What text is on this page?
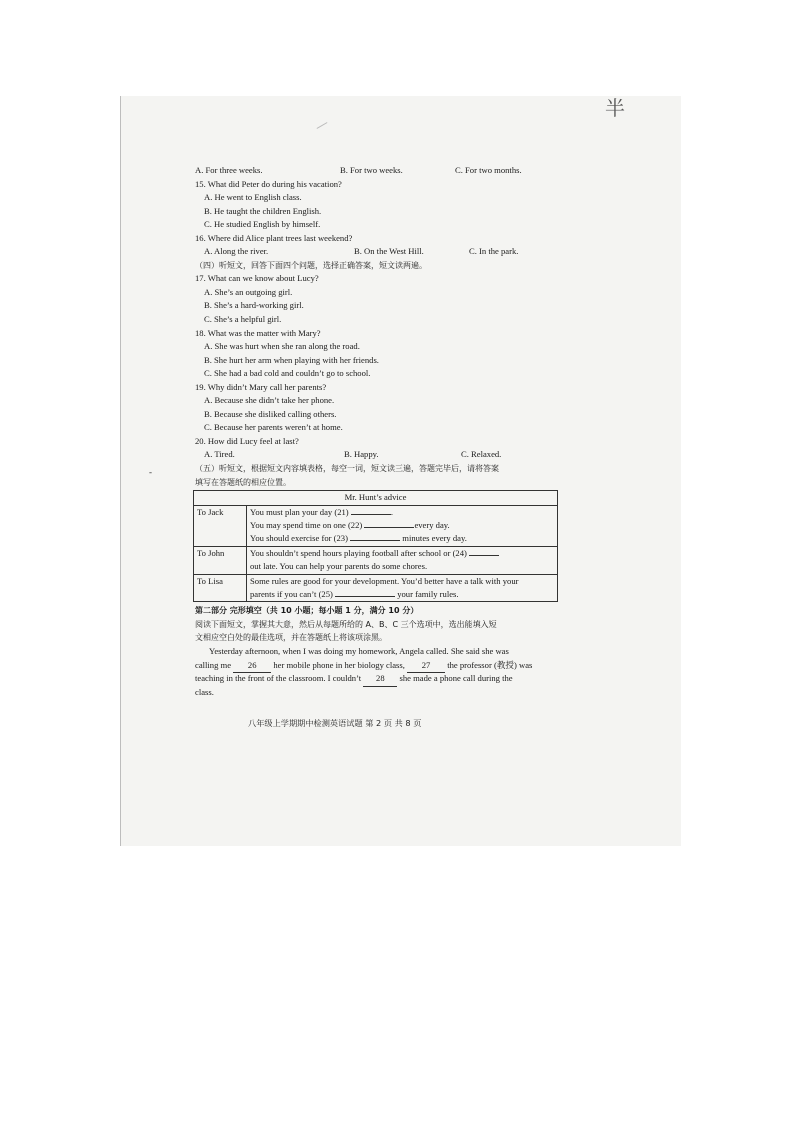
半
‐
A. For three weeks.	B. For two weeks.	C. For two months.
15. What did Peter do during his vacation?
A. He went to English class.
B. He taught the children English.
C. He studied English by himself.
16. Where did Alice plant trees last weekend?
A. Along the river.	B. On the West Hill.	C. In the park.
（四）听短文，回答下面四个问题，选择正确答案，短文读两遍。
17. What can we know about Lucy?
A. She’s an outgoing girl.
B. She’s a hard-working girl.
C. She’s a helpful girl.
18. What was the matter with Mary?
A. She was hurt when she ran along the road.
B. She hurt her arm when playing with her friends.
C. She had a bad cold and couldn’t go to school.
19. Why didn’t Mary call her parents?
A. Because she didn’t take her phone.
B. Because she disliked calling others.
C. Because her parents weren’t at home.
20. How did Lucy feel at last?
A. Tired.	B. Happy.	C. Relaxed.
（五）听短文，根据短文内容填表格，每空一词，短文读三遍，答题完毕后，请将答案
填写在答题纸的相应位置。
Mr. Hunt’s advice	
To Jack	You must plan your day (21) .
You may spend time on one (22) every day.
You should exercise for (23) minutes every day.

To John	You shouldn’t spend hours playing football after school or (24)
out late. You can help your parents do some chores.

To Lisa	Some rules are good for your development. You’d better have a talk with your
parents if you can’t (25) your family rules.
第二部分 完形填空（共 10 小题；每小题 1 分，满分 10 分）
阅读下面短文，掌握其大意，然后从每题所给的 A、B、C 三个选项中，选出能填入短
文相应空白处的最佳选项，并在答题纸上将该项涂黑。
Yesterday afternoon, when I was doing my homework, Angela called. She said she was
calling me 26 her mobile phone in her biology class, 27 the professor (教授) was
teaching in the front of the classroom. I couldn’t 28 she made a phone call during the
class.
八年级上学期期中检测英语试题 第 2 页 共 8 页
